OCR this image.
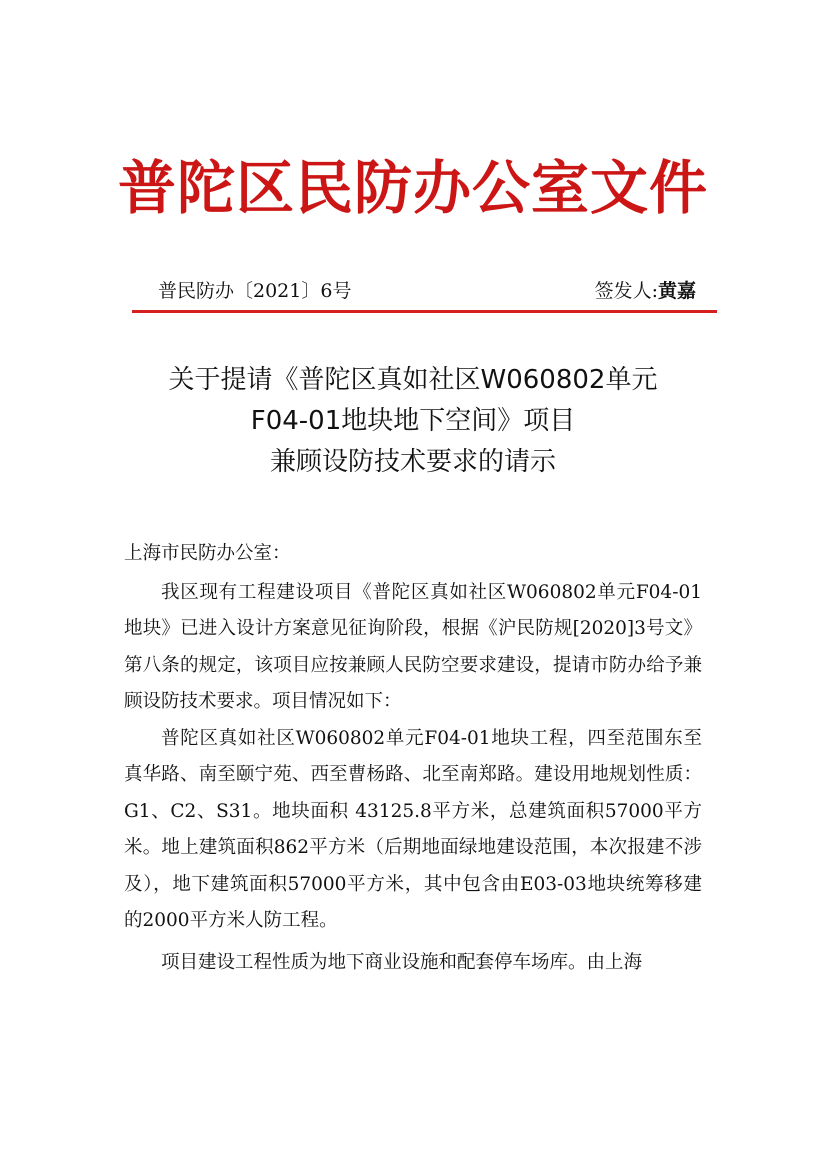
普陀区民防办公室文件
普民防办〔2021〕6号	签发人:黄嘉
关于提请《普陀区真如社区W060802单元
F04-01地块地下空间》项目
兼顾设防技术要求的请示

上海市民防办公室：

我区现有工程建设项目《普陀区真如社区W060802单元F04-01地块》已进入设计方案意见征询阶段，根据《沪民防规[2020]3号文》第八条的规定，该项目应按兼顾人民防空要求建设，提请市防办给予兼顾设防技术要求。项目情况如下：

普陀区真如社区W060802单元F04-01地块工程，四至范围东至真华路、南至颐宁苑、西至曹杨路、北至南郑路。建设用地规划性质：G1、C2、S31。地块面积 43125.8平方米，总建筑面积57000平方米。地上建筑面积862平方米（后期地面绿地建设范围，本次报建不涉及），地下建筑面积57000平方米，其中包含由E03-03地块统筹移建的2000平方米人防工程。

项目建设工程性质为地下商业设施和配套停车场库。由上海
